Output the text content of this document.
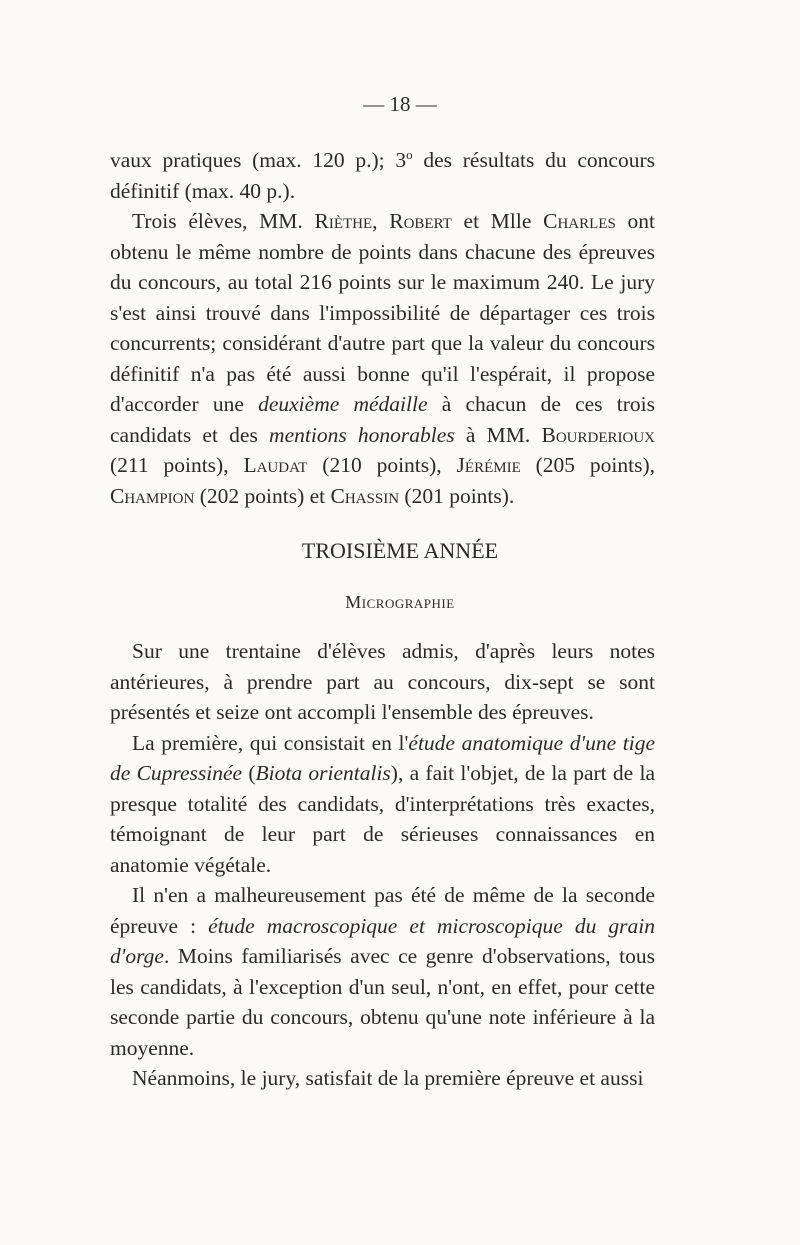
— 18 —

vaux pratiques (max. 120 p.); 3$^o$ des résultats du concours définitif (max. 40 p.).

Trois élèves, MM. Rièthe, Robert et Mlle Charles ont obtenu le même nombre de points dans chacune des épreuves du concours, au total 216 points sur le maximum 240. Le jury s'est ainsi trouvé dans l'impossibilité de départager ces trois concurrents; considérant d'autre part que la valeur du concours définitif n'a pas été aussi bonne qu'il l'espérait, il propose d'accorder une deuxième médaille à chacun de ces trois candidats et des mentions honorables à MM. Bourderioux (211 points), Laudat (210 points), Jérémie (205 points), Champion (202 points) et Chassin (201 points).

TROISIÈME ANNÉE
Micrographie

Sur une trentaine d'élèves admis, d'après leurs notes antérieures, à prendre part au concours, dix-sept se sont présentés et seize ont accompli l'ensemble des épreuves.

La première, qui consistait en l'étude anatomique d'une tige de Cupressinée (Biota orientalis), a fait l'objet, de la part de la presque totalité des candidats, d'interprétations très exactes, témoignant de leur part de sérieuses connaissances en anatomie végétale.

Il n'en a malheureusement pas été de même de la seconde épreuve : étude macroscopique et microscopique du grain d'orge. Moins familiarisés avec ce genre d'observations, tous les candidats, à l'exception d'un seul, n'ont, en effet, pour cette seconde partie du concours, obtenu qu'une note inférieure à la moyenne.

Néanmoins, le jury, satisfait de la première épreuve et aussi
